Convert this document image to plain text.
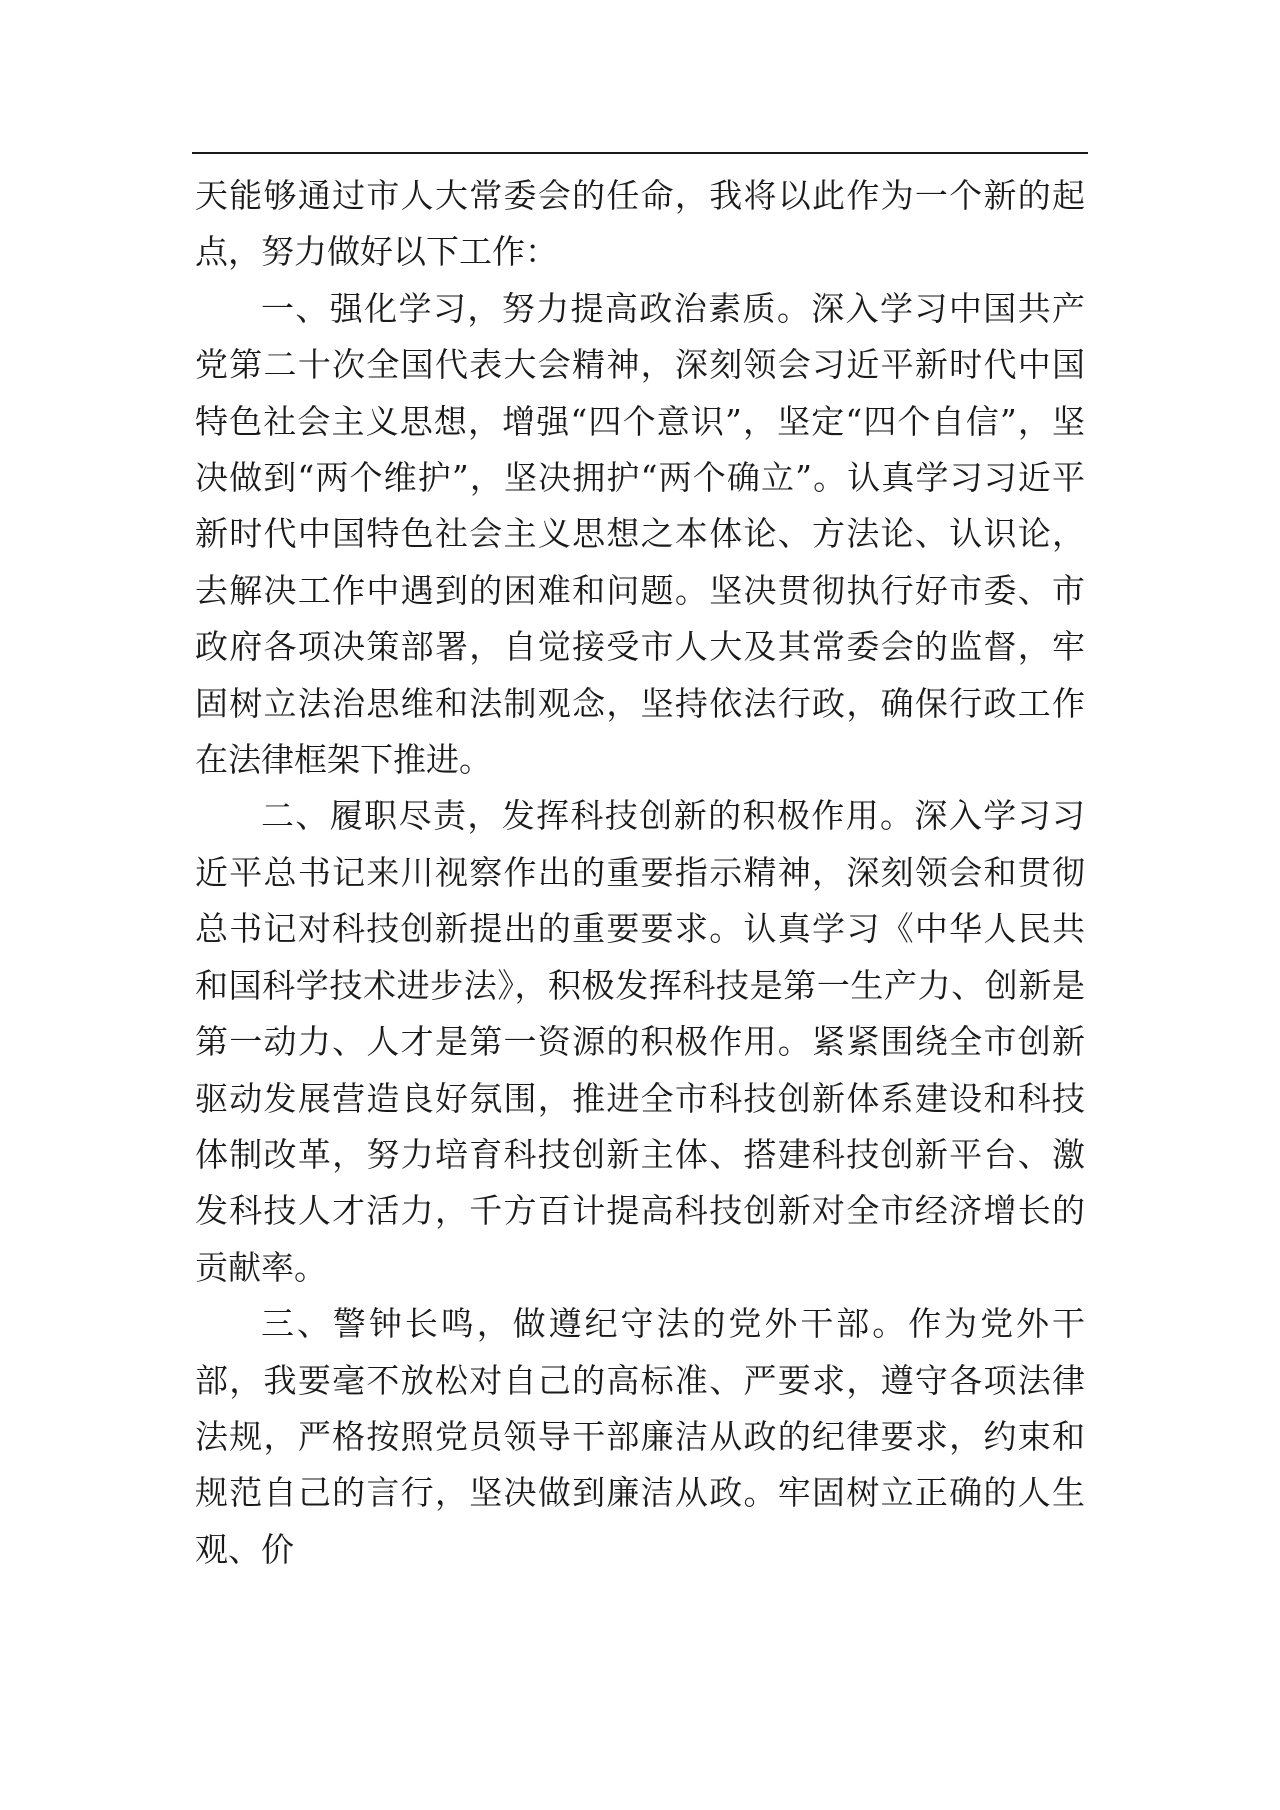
天能够通过市人大常委会的任命，我将以此作为一个新的起点，努力做好以下工作：

一、强化学习，努力提高政治素质。深入学习中国共产党第二十次全国代表大会精神，深刻领会习近平新时代中国特色社会主义思想，增强“四个意识”，坚定“四个自信”，坚决做到“两个维护”，坚决拥护“两个确立”。认真学习习近平新时代中国特色社会主义思想之本体论、方法论、认识论，去解决工作中遇到的困难和问题。坚决贯彻执行好市委、市政府各项决策部署，自觉接受市人大及其常委会的监督，牢固树立法治思维和法制观念，坚持依法行政，确保行政工作在法律框架下推进。

二、履职尽责，发挥科技创新的积极作用。深入学习习近平总书记来川视察作出的重要指示精神，深刻领会和贯彻总书记对科技创新提出的重要要求。认真学习《中华人民共和国科学技术进步法》，积极发挥科技是第一生产力、创新是第一动力、人才是第一资源的积极作用。紧紧围绕全市创新驱动发展营造良好氛围，推进全市科技创新体系建设和科技体制改革，努力培育科技创新主体、搭建科技创新平台、激发科技人才活力，千方百计提高科技创新对全市经济增长的贡献率。

三、警钟长鸣，做遵纪守法的党外干部。作为党外干部，我要毫不放松对自己的高标准、严要求，遵守各项法律法规，严格按照党员领导干部廉洁从政的纪律要求，约束和规范自己的言行，坚决做到廉洁从政。牢固树立正确的人生观、价
